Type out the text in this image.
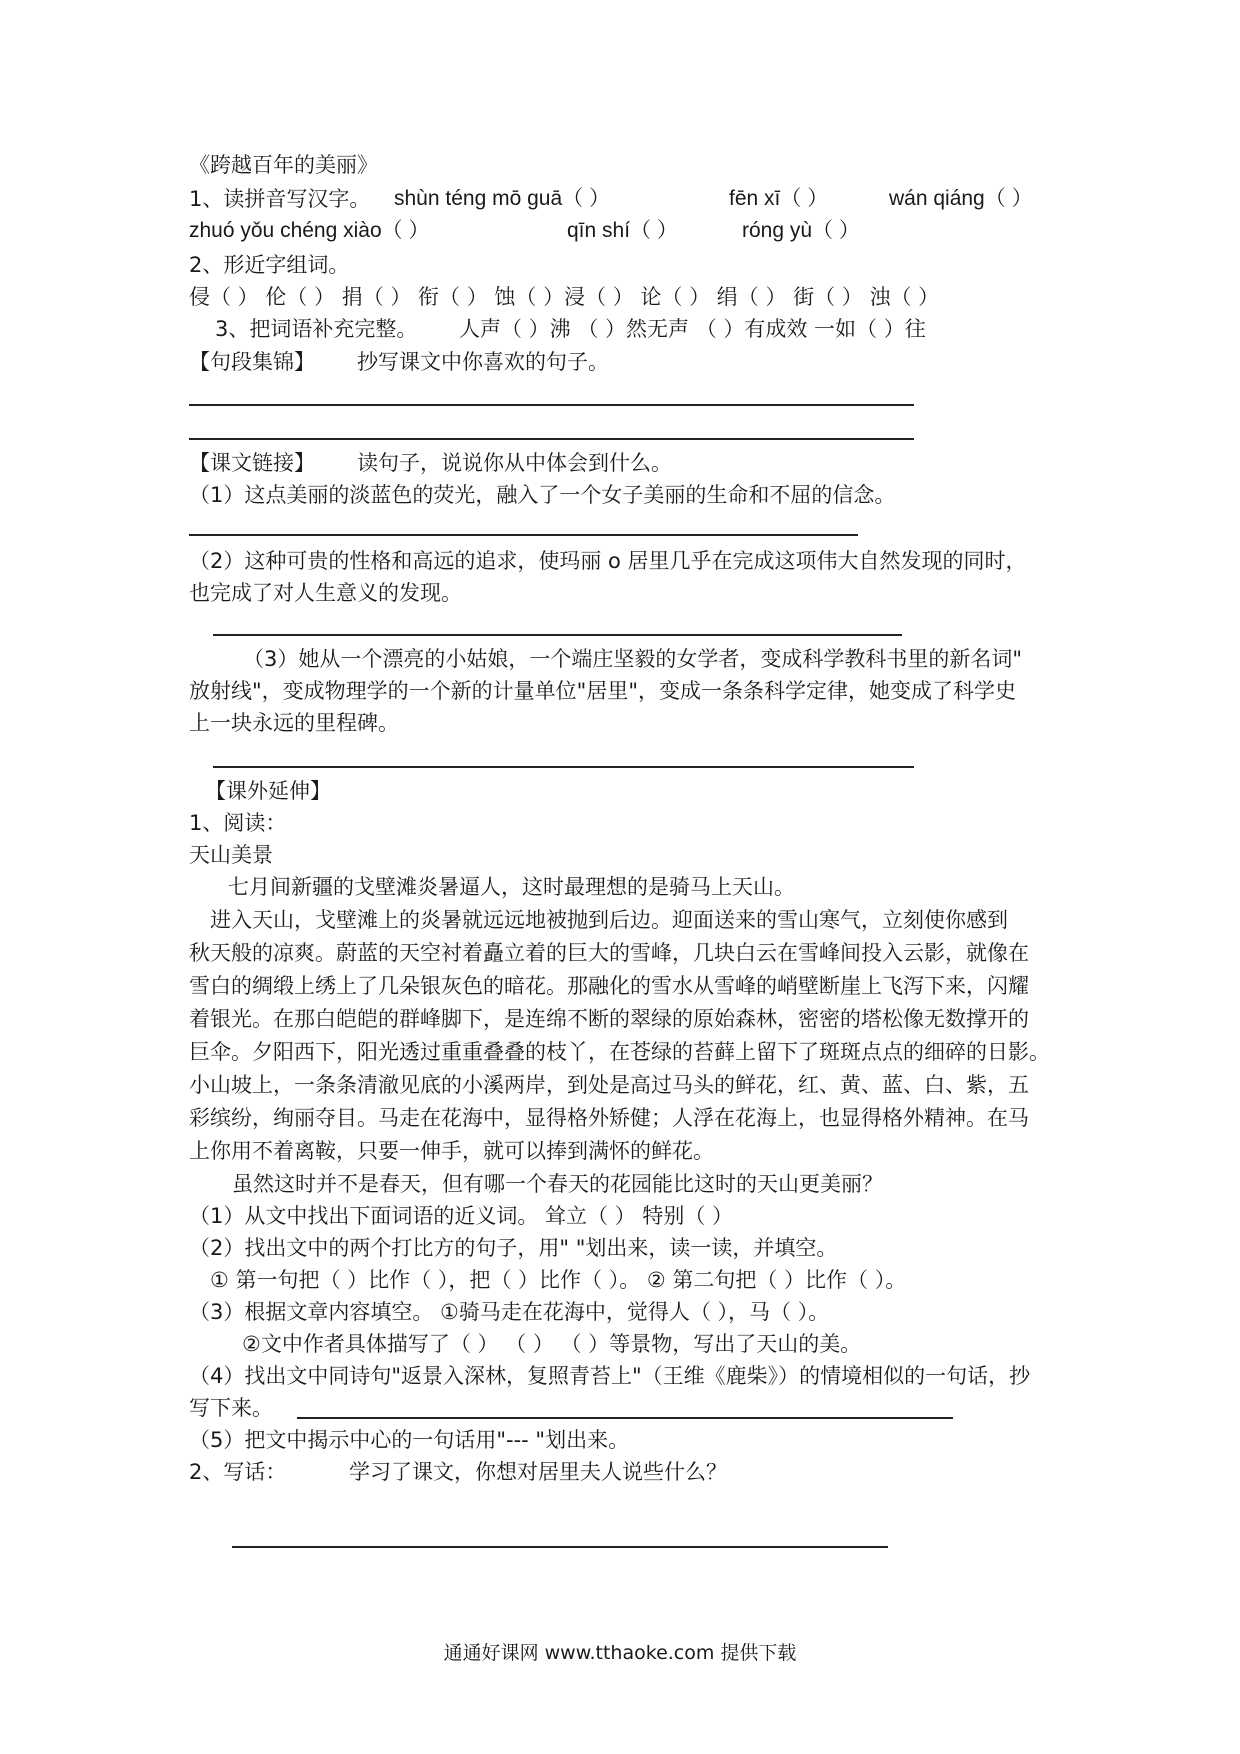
《跨越百年的美丽》
1、读拼音写汉字。 shùn téng mō guā（ ）	fēn xī（ ）	wán qiáng（ ）
zhuó yǒu chéng xiào（ ）	qīn shí（ ）	róng yù（ ）
2、形近字组词。
侵（ ） 伦（ ） 捐（ ） 衔（ ） 蚀（ ）浸（ ） 论（ ） 绢（ ） 街（ ） 浊（ ）
3、把词语补充完整。 人声（ ）沸 （ ）然无声 （ ）有成效 一如（ ）往
【句段集锦】 抄写课文中你喜欢的句子。
【课文链接】 读句子，说说你从中体会到什么。
（1）这点美丽的淡蓝色的荧光，融入了一个女子美丽的生命和不屈的信念。
（2）这种可贵的性格和高远的追求，使玛丽 o 居里几乎在完成这项伟大自然发现的同时，
也完成了对人生意义的发现。
（3）她从一个漂亮的小姑娘，一个端庄坚毅的女学者，变成科学教科书里的新名词"
放射线"，变成物理学的一个新的计量单位"居里"，变成一条条科学定律，她变成了科学史
上一块永远的里程碑。
【课外延伸】
1、阅读：
天山美景
七月间新疆的戈壁滩炎暑逼人，这时最理想的是骑马上天山。
进入天山，戈壁滩上的炎暑就远远地被抛到后边。迎面送来的雪山寒气，立刻使你感到
秋天般的凉爽。蔚蓝的天空衬着矗立着的巨大的雪峰，几块白云在雪峰间投入云影，就像在
雪白的绸缎上绣上了几朵银灰色的暗花。那融化的雪水从雪峰的峭壁断崖上飞泻下来，闪耀
着银光。在那白皑皑的群峰脚下，是连绵不断的翠绿的原始森林，密密的塔松像无数撑开的
巨伞。夕阳西下，阳光透过重重叠叠的枝丫，在苍绿的苔藓上留下了斑斑点点的细碎的日影。
小山坡上，一条条清澈见底的小溪两岸，到处是高过马头的鲜花，红、黄、蓝、白、紫，五
彩缤纷，绚丽夺目。马走在花海中，显得格外矫健；人浮在花海上，也显得格外精神。在马
上你用不着离鞍，只要一伸手，就可以捧到满怀的鲜花。
虽然这时并不是春天，但有哪一个春天的花园能比这时的天山更美丽？
（1）从文中找出下面词语的近义词。 耸立（ ） 特别（ ）
（2）找出文中的两个打比方的句子，用" "划出来，读一读，并填空。
① 第一句把（ ）比作（ ），把（ ）比作（ ）。 ② 第二句把（ ）比作（ ）。
（3）根据文章内容填空。 ①骑马走在花海中，觉得人（ ），马（ ）。
②文中作者具体描写了（ ） （ ） （ ）等景物，写出了天山的美。
（4）找出文中同诗句"返景入深林，复照青苔上"（王维《鹿柴》）的情境相似的一句话，抄
写下来。
（5）把文中揭示中心的一句话用"--- "划出来。
2、写话：	学习了课文，你想对居里夫人说些什么？
通通好课网 www.tthaoke.com 提供下载
